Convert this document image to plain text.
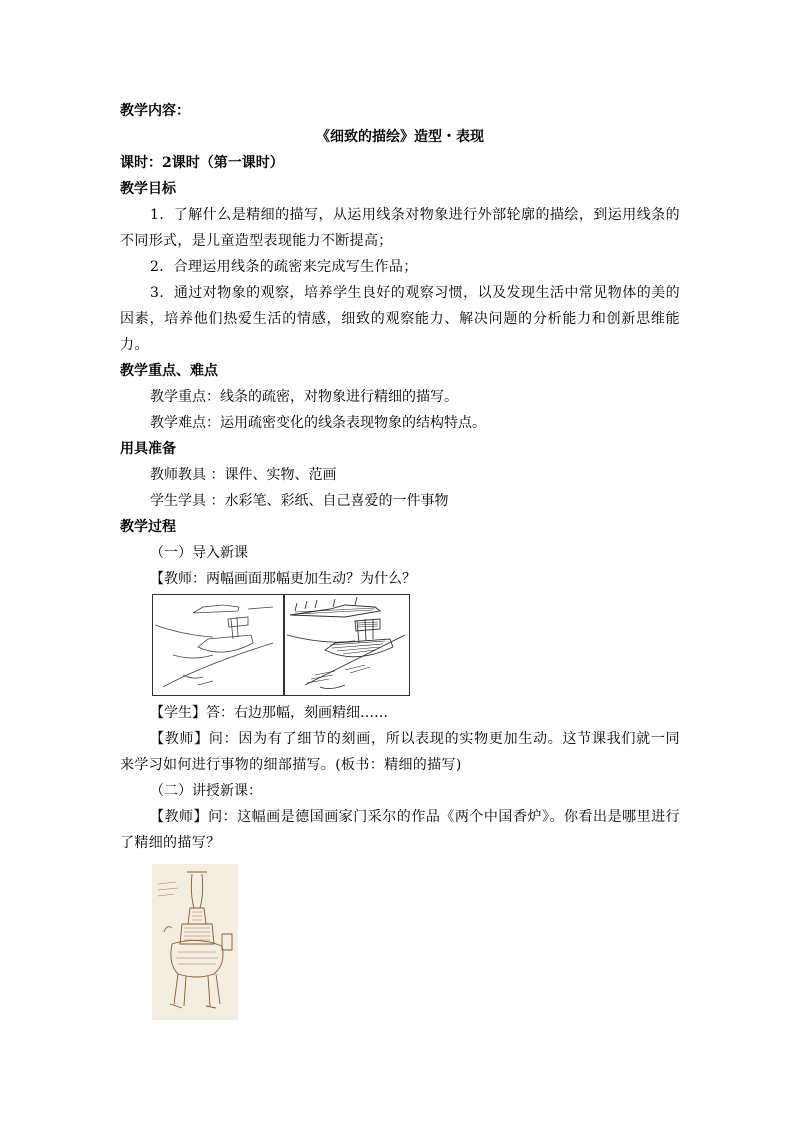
教学内容：
《细致的描绘》造型・表现
课时：2课时（第一课时）
教学目标
1．了解什么是精细的描写，从运用线条对物象进行外部轮廓的描绘，到运用线条的不同形式，是儿童造型表现能力不断提高；
2．合理运用线条的疏密来完成写生作品；
3．通过对物象的观察，培养学生良好的观察习惯，以及发现生活中常见物体的美的因素，培养他们热爱生活的情感，细致的观察能力、解决问题的分析能力和创新思维能力。
教学重点、难点
教学重点：线条的疏密，对物象进行精细的描写。
教学难点：运用疏密变化的线条表现物象的结构特点。
用具准备
教师教具 ：课件、实物、范画
学生学具 ：水彩笔、彩纸、自己喜爱的一件事物
教学过程
（一）导入新课
【教师：两幅画面那幅更加生动？为什么？
【学生】答：右边那幅，刻画精细……
【教师】问：因为有了细节的刻画，所以表现的实物更加生动。这节课我们就一同来学习如何进行事物的细部描写。(板书：精细的描写)
（二）讲授新课：
【教师】问：这幅画是德国画家门采尔的作品《两个中国香炉》。你看出是哪里进行了精细的描写？
